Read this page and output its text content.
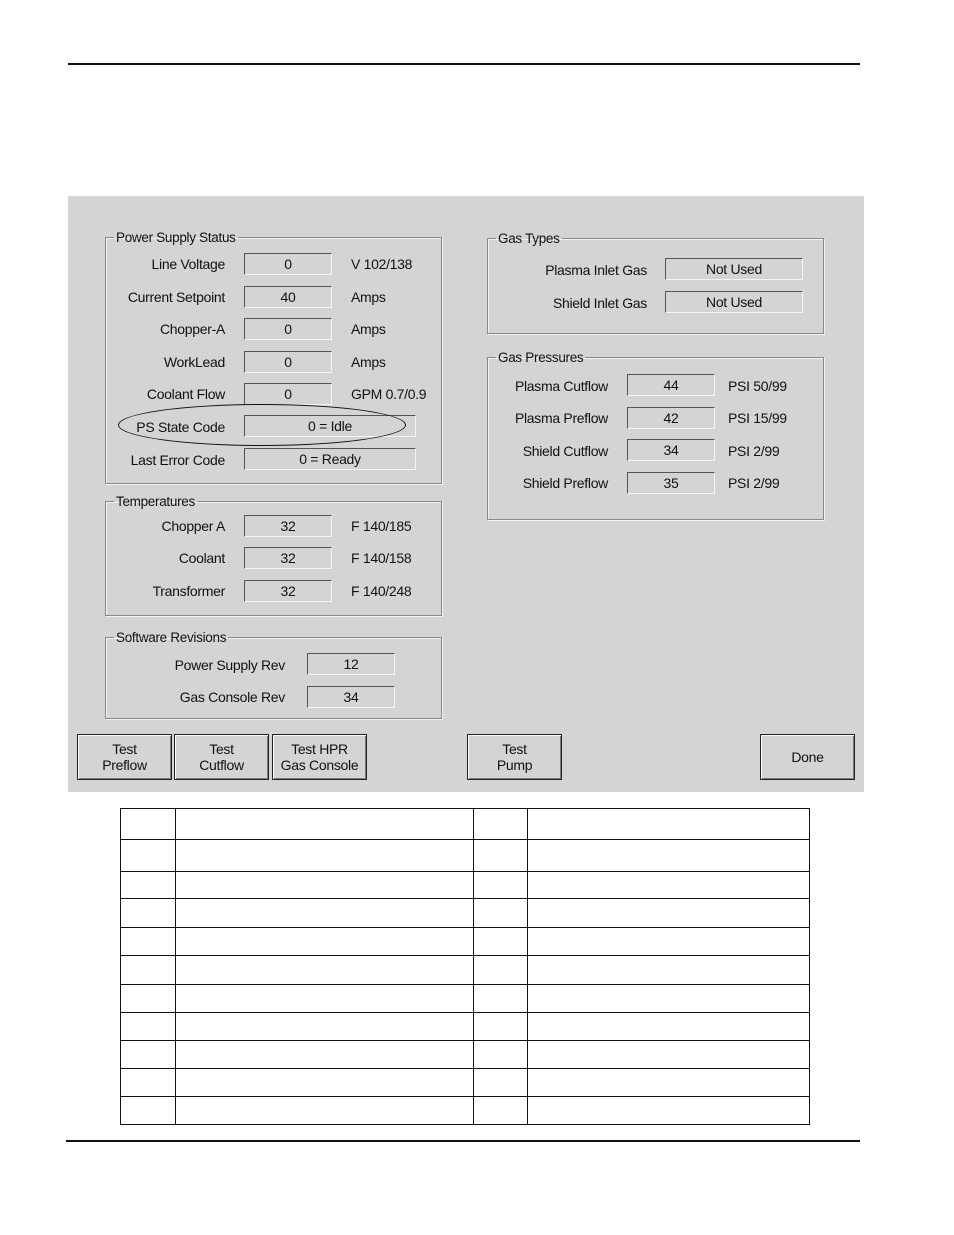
Power Supply Status
Line Voltage	0	V 102/138
Current Setpoint	40	Amps
Chopper-A	0	Amps
WorkLead	0	Amps
Coolant Flow	0	GPM 0.7/0.9
PS State Code	0 = Idle
Last Error Code	0 = Ready
Temperatures
Chopper A	32	F 140/185
Coolant	32	F 140/158
Transformer	32	F 140/248
Software Revisions
Power Supply Rev	12
Gas Console Rev	34
Gas Types
Plasma Inlet Gas	Not Used
Shield Inlet Gas	Not Used
Gas Pressures
Plasma Cutflow	44	PSI 50/99
Plasma Preflow	42	PSI 15/99
Shield Cutflow	34	PSI 2/99
Shield Preflow	35	PSI 2/99
Test
Preflow
Test
Cutflow
Test HPR
Gas Console
Test
Pump	Done
